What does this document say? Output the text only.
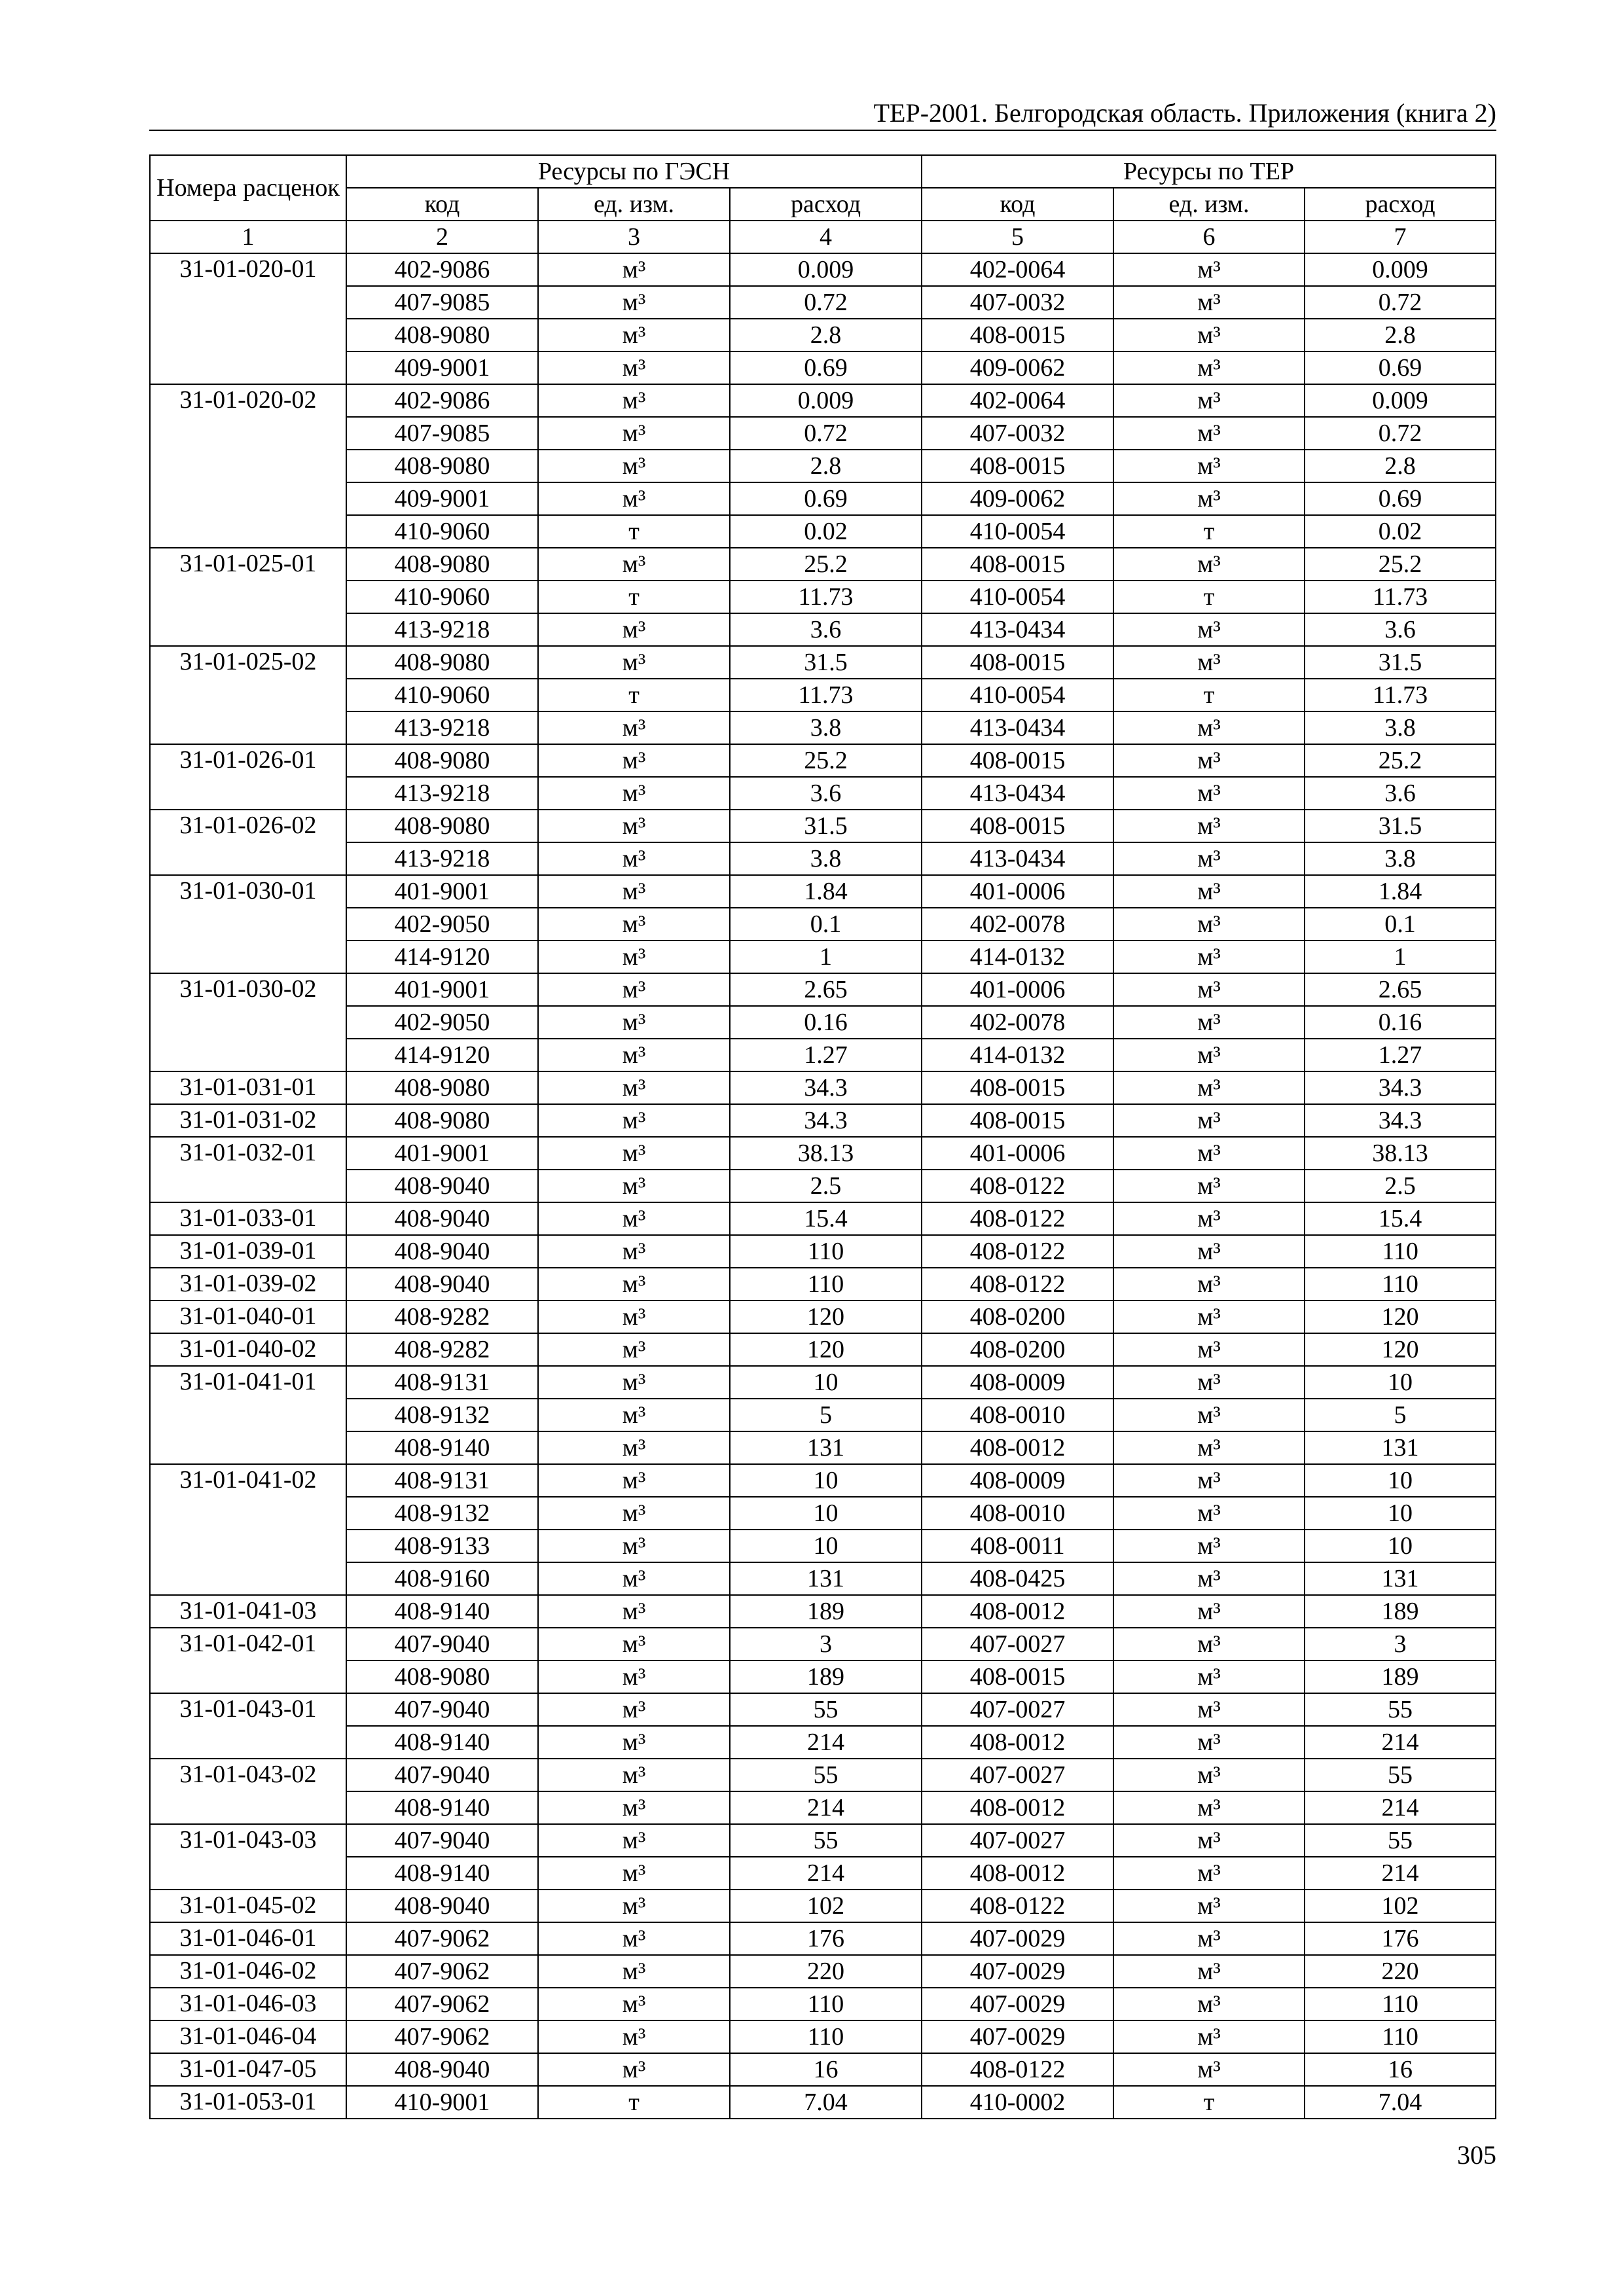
ТЕР-2001. Белгородская область. Приложения (книга 2)
Номера расценок	Ресурсы по ГЭСН			Ресурсы по ТЕР		
	код	ед. изм.	расход	код	ед. изм.	расход
1	2	3	4	5	6	7
31-01-020-01	402-9086	м³	0.009	402-0064	м³	0.009
	407-9085	м³	0.72	407-0032	м³	0.72
	408-9080	м³	2.8	408-0015	м³	2.8
	409-9001	м³	0.69	409-0062	м³	0.69
31-01-020-02	402-9086	м³	0.009	402-0064	м³	0.009
	407-9085	м³	0.72	407-0032	м³	0.72
	408-9080	м³	2.8	408-0015	м³	2.8
	409-9001	м³	0.69	409-0062	м³	0.69
	410-9060	т	0.02	410-0054	т	0.02
31-01-025-01	408-9080	м³	25.2	408-0015	м³	25.2
	410-9060	т	11.73	410-0054	т	11.73
	413-9218	м³	3.6	413-0434	м³	3.6
31-01-025-02	408-9080	м³	31.5	408-0015	м³	31.5
	410-9060	т	11.73	410-0054	т	11.73
	413-9218	м³	3.8	413-0434	м³	3.8
31-01-026-01	408-9080	м³	25.2	408-0015	м³	25.2
	413-9218	м³	3.6	413-0434	м³	3.6
31-01-026-02	408-9080	м³	31.5	408-0015	м³	31.5
	413-9218	м³	3.8	413-0434	м³	3.8
31-01-030-01	401-9001	м³	1.84	401-0006	м³	1.84
	402-9050	м³	0.1	402-0078	м³	0.1
	414-9120	м³	1	414-0132	м³	1
31-01-030-02	401-9001	м³	2.65	401-0006	м³	2.65
	402-9050	м³	0.16	402-0078	м³	0.16
	414-9120	м³	1.27	414-0132	м³	1.27
31-01-031-01	408-9080	м³	34.3	408-0015	м³	34.3
31-01-031-02	408-9080	м³	34.3	408-0015	м³	34.3
31-01-032-01	401-9001	м³	38.13	401-0006	м³	38.13
	408-9040	м³	2.5	408-0122	м³	2.5
31-01-033-01	408-9040	м³	15.4	408-0122	м³	15.4
31-01-039-01	408-9040	м³	110	408-0122	м³	110
31-01-039-02	408-9040	м³	110	408-0122	м³	110
31-01-040-01	408-9282	м³	120	408-0200	м³	120
31-01-040-02	408-9282	м³	120	408-0200	м³	120
31-01-041-01	408-9131	м³	10	408-0009	м³	10
	408-9132	м³	5	408-0010	м³	5
	408-9140	м³	131	408-0012	м³	131
31-01-041-02	408-9131	м³	10	408-0009	м³	10
	408-9132	м³	10	408-0010	м³	10
	408-9133	м³	10	408-0011	м³	10
	408-9160	м³	131	408-0425	м³	131
31-01-041-03	408-9140	м³	189	408-0012	м³	189
31-01-042-01	407-9040	м³	3	407-0027	м³	3
	408-9080	м³	189	408-0015	м³	189
31-01-043-01	407-9040	м³	55	407-0027	м³	55
	408-9140	м³	214	408-0012	м³	214
31-01-043-02	407-9040	м³	55	407-0027	м³	55
	408-9140	м³	214	408-0012	м³	214
31-01-043-03	407-9040	м³	55	407-0027	м³	55
	408-9140	м³	214	408-0012	м³	214
31-01-045-02	408-9040	м³	102	408-0122	м³	102
31-01-046-01	407-9062	м³	176	407-0029	м³	176
31-01-046-02	407-9062	м³	220	407-0029	м³	220
31-01-046-03	407-9062	м³	110	407-0029	м³	110
31-01-046-04	407-9062	м³	110	407-0029	м³	110
31-01-047-05	408-9040	м³	16	408-0122	м³	16
31-01-053-01	410-9001	т	7.04	410-0002	т	7.04
305
